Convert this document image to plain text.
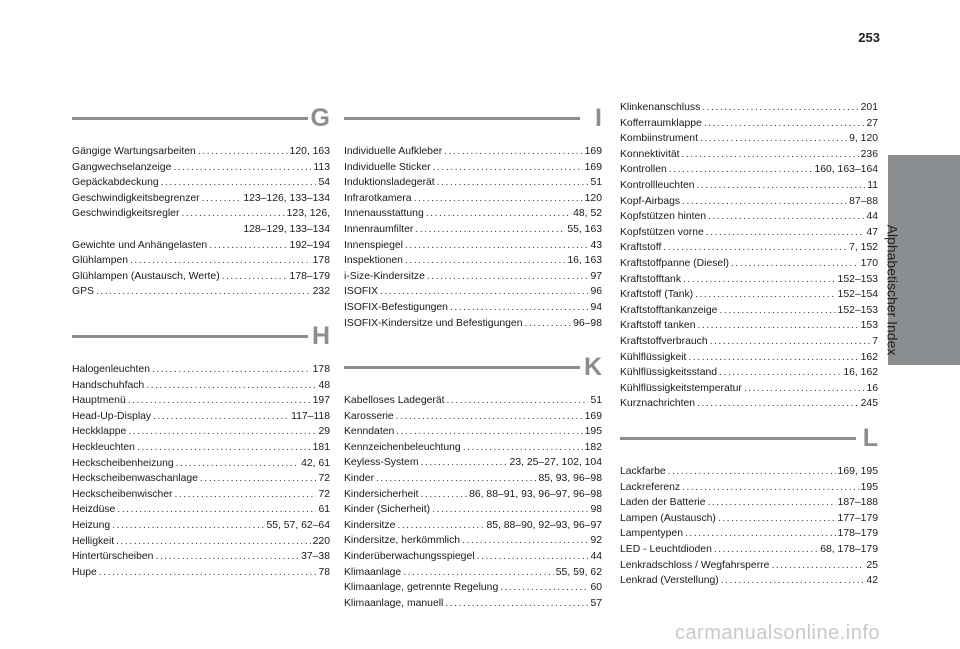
253
G
Gängige Wartungsarbeiten .....	120, 163
Gangwechselanzeige .....	113
Gepäckabdeckung .....	54
Geschwindigkeitsbegrenzer .....	123–126, 133–134
Geschwindigkeitsregler .....	123, 126,
128–129, 133–134
Gewichte und Anhängelasten .....	192–194
Glühlampen .....	178
Glühlampen (Austausch, Werte) .....	178–179
GPS .....	232
H
Halogenleuchten .....	178
Handschuhfach .....	48
Hauptmenü .....	197
Head-Up-Display .....	117–118
Heckklappe .....	29
Heckleuchten .....	181
Heckscheibenheizung .....	42, 61
Heckscheibenwaschanlage .....	72
Heckscheibenwischer .....	72
Heizdüse .....	61
Heizung .....	55, 57, 62–64
Helligkeit .....	220
Hintertürscheiben .....	37–38
Hupe .....	78
I
Individuelle Aufkleber .....	169
Individuelle Sticker .....	169
Induktionsladegerät .....	51
Infrarotkamera .....	120
Innenausstattung .....	48, 52
Innenraumfilter .....	55, 163
Innenspiegel .....	43
Inspektionen .....	16, 163
i-Size-Kindersitze .....	97
ISOFIX .....	96
ISOFIX-Befestigungen .....	94
ISOFIX-Kindersitze und Befestigungen .....	96–98
K
Kabelloses Ladegerät .....	51
Karosserie .....	169
Kenndaten .....	195
Kennzeichenbeleuchtung .....	182
Keyless-System .....	23, 25–27, 102, 104
Kinder .....	85, 93, 96–98
Kindersicherheit .....	86, 88–91, 93, 96–97, 96–98
Kinder (Sicherheit) .....	98
Kindersitze .....	85, 88–90, 92–93, 96–97
Kindersitze, herkömmlich .....	92
Kinderüberwachungsspiegel .....	44
Klimaanlage .....	55, 59, 62
Klimaanlage, getrennte Regelung .....	60
Klimaanlage, manuell .....	57
Klinkenanschluss .....	201
Kofferraumklappe .....	27
Kombiinstrument .....	9, 120
Konnektivität .....	236
Kontrollen .....	160, 163–164
Kontrollleuchten .....	11
Kopf-Airbags .....	87–88
Kopfstützen hinten .....	44
Kopfstützen vorne .....	47
Kraftstoff .....	7, 152
Kraftstoffpanne (Diesel) .....	170
Kraftstofftank .....	152–153
Kraftstoff (Tank) .....	152–154
Kraftstofftankanzeige .....	152–153
Kraftstoff tanken .....	153
Kraftstoffverbrauch .....	7
Kühlflüssigkeit .....	162
Kühlflüssigkeitsstand .....	16, 162
Kühlflüssigkeitstemperatur .....	16
Kurznachrichten .....	245
L
Lackfarbe .....	169, 195
Lackreferenz .....	195
Laden der Batterie .....	187–188
Lampen (Austausch) .....	177–179
Lampentypen .....	178–179
LED - Leuchtdioden .....	68, 178–179
Lenkradschloss / Wegfahrsperre .....	25
Lenkrad (Verstellung) .....	42
Alphabetischer Index
carmanualsonline.info
